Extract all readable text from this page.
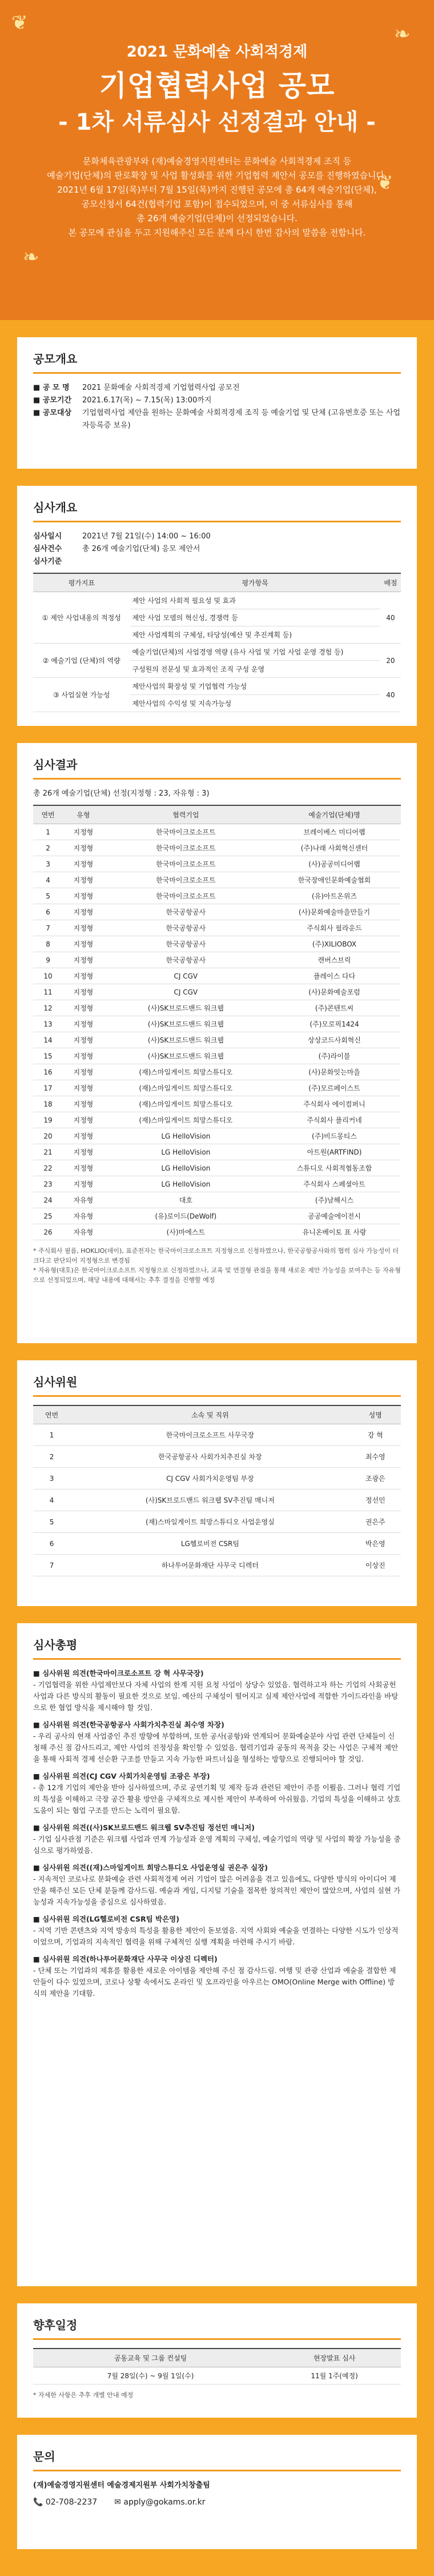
❦	❧
❦
❧
2021 문화예술 사회적경제
기업협력사업 공모
- 1차 서류심사 선정결과 안내 -
문화체육관광부와 (재)예술경영지원센터는 문화예술 사회적경제 조직 등
예술기업(단체)의 판로확장 및 사업 활성화를 위한 기업협력 제안서 공모를 진행하였습니다.
2021년 6월 17일(목)부터 7월 15일(목)까지 진행된 공모에 총 64개 예술기업(단체),
공모신청서 64건(협력기업 포함)이 접수되었으며, 이 중 서류심사를 통해
총 26개 예술기업(단체)이 선정되었습니다.
본 공모에 관심을 두고 지원해주신 모든 분께 다시 한번 감사의 말씀을 전합니다.
공모개요
■ 공 모 명	2021 문화예술 사회적경제 기업협력사업 공모전
■ 공모기간	2021.6.17(목) ~ 7.15(목) 13:00까지
■ 공모대상	기업협력사업 제안을 원하는 문화예술 사회적경제 조직 등 예술기업 및 단체 (고유번호증 또는 사업자등록증 보유)
심사개요
심사일시	2021년 7월 21일(수) 14:00 ~ 16:00
심사건수	총 26개 예술기업(단체) 응모 제안서
심사기준
평가지표	평가항목	배점
① 제안 사업내용의 적정성	제안 사업의 사회적 필요성 및 효과	40
	제안 사업 모델의 혁신성, 경쟁력 등	
	제안 사업계획의 구체성, 타당성(예산 및 추진계획 등)	
② 예술기업 (단체)의 역량	예술기업(단체)의 사업경영 역량 (유사 사업 및 기업 사업 운영 경험 등)	20
	구성원의 전문성 및 효과적인 조직 구성 운영	
③ 사업실현 가능성	제안사업의 확장성 및 기업협력 가능성	40
	제안사업의 수익성 및 지속가능성	
심사결과
총 26개 예술기업(단체) 선정(지정형 : 23, 자유형 : 3)
연번	유형	협력기업	예술기업(단체)명
1	지정형	한국마이크로소프트	브레이베스 미디어랩
2	지정형	한국마이크로소프트	(주)나래 사회혁신센터
3	지정형	한국마이크로소프트	(사)공공미디어랩
4	지정형	한국마이크로소프트	한국장애인문화예술협회
5	지정형	한국마이크로소프트	(유)아트온위즈
6	지정형	한국공항공사	(사)문화예술마을만들기
7	지정형	한국공항공사	주식회사 필라운드
8	지정형	한국공항공사	(주)XILIOBOX
9	지정형	한국공항공사	캔버스브릭
10	지정형	CJ CGV	플레이스 다다
11	지정형	CJ CGV	(사)문화예술포럼
12	지정형	(사)SK브로드밴드 워크웹	(주)콘텐트씨
13	지정형	(사)SK브로드밴드 워크웹	(주)모로픽1424
14	지정형	(사)SK브로드밴드 워크웹	상상코드사회혁신
15	지정형	(사)SK브로드밴드 워크웹	(주)라이블
16	지정형	(재)스마일게이트 희망스튜디오	(사)문화잇는마을
17	지정형	(재)스마일게이트 희망스튜디오	(주)모르페이스트
18	지정형	(재)스마일게이트 희망스튜디오	주식회사 에이컴퍼니
19	지정형	(재)스마일게이트 희망스튜디오	주식회사 플리커네
20	지정형	LG HelloVision	(주)비드몽티스
21	지정형	LG HelloVision	아트원(ARTFIND)
22	지정형	LG HelloVision	스튜디오 사회적협동조합
23	지정형	LG HelloVision	주식회사 스페셜아트
24	자유형	대호	(주)남해시스
25	자유형	(유)로이드(DeWolf)	공공예술에이전시
26	자유형	(사)마에스트	유니온베이토 표 사랑
* 주식회사 필름, HOKLIO(데이), 표준전자는 한국마이크로소프트 지정형으로 신청하였으나, 한국공항공사와의 협력 심사 가능성이 더 크다고 판단되어 지정형으로 변경됨
* 자유형(대호)은 한국마이크로소프트 지정형으로 신청하였으나, 교육 및 연결형 관점을 통해 새로운 제안 가능성을 보여주는 등 자유형으로 선정되었으며, 해당 내용에 대해서는 추후 결정을 진행할 예정
심사위원
연번	소속 및 직위	성명
1	한국마이크로소프트 사무국장	강 혁
2	한국공항공사 사회가치추진실 차장	최수영
3	CJ CGV 사회가치운영팀 부장	조광은
4	(사)SK브로드밴드 워크웹 SV추진팀 매니저	정선민
5	(재)스마일게이트 희망스튜디오 사업운영실	권은주
6	LG헬로비전 CSR팀	박은영
7	하나투어문화재단 사무국 디렉터	이상진
심사총평
■ 심사위원 의견(한국마이크로소프트 강 혁 사무국장)
- 기업협력을 위한 사업제안보다 자체 사업의 한계 지원 요청 사업이 상당수 있었음. 협력하고자 하는 기업의 사회공헌 사업과 다른 방식의 활동이 필요한 것으로 보임. 예산의 구체성이 떨어지고 실제 제안사업에 적합한 가이드라인을 바탕으로 한 협업 방식을 제시해야 할 것임.
■ 심사위원 의견(한국공항공사 사회가치추진실 최수영 차장)
- 우리 공사의 현재 사업중인 추진 방향에 부합하며, 또한 공사(공항)와 연계되어 문화예술분야 사업 관련 단체들이 신청해 주신 점 감사드리고, 제안 사업의 진정성을 확인할 수 있었음. 협력기업과 공동의 목적을 갖는 사업은 구체적 제안을 통해 사회적 경제 선순환 구조를 만들고 지속 가능한 파트너십을 형성하는 방향으로 진행되어야 할 것임.
■ 심사위원 의견(CJ CGV 사회가치운영팀 조광은 부장)
- 총 12개 기업의 제안을 받아 심사하였으며, 주로 공연기획 및 제작 등과 관련된 제안이 주를 이뤘음. 그러나 협력 기업의 특성을 이해하고 극장 공간 활용 방안을 구체적으로 제시한 제안이 부족하여 아쉬웠음. 기업의 특성을 이해하고 상호 도움이 되는 협업 구조를 만드는 노력이 필요함.
■ 심사위원 의견((사)SK브로드밴드 워크웹 SV추진팀 정선민 매니저)
- 기업 심사관점 기준은 워크웹 사업과 연계 가능성과 운영 계획의 구체성, 예술기업의 역량 및 사업의 확장 가능성을 중심으로 평가하였음.
■ 심사위원 의견((재)스마일게이트 희망스튜디오 사업운영실 권은주 실장)
- 지속적인 코로나로 문화예술 관련 사회적경제 여러 기업이 많은 어려움을 겪고 있음에도, 다양한 방식의 아이디어 제안을 해주신 모든 단체 분들께 감사드림. 예술과 게임, 디지털 기술을 접목한 창의적인 제안이 많았으며, 사업의 실현 가능성과 지속가능성을 중심으로 심사하였음.
■ 심사위원 의견(LG헬로비전 CSR팀 박은영)
- 지역 기반 콘텐츠와 지역 방송의 특성을 활용한 제안이 돋보였음. 지역 사회와 예술을 연결하는 다양한 시도가 인상적이었으며, 기업과의 지속적인 협력을 위해 구체적인 실행 계획을 마련해 주시기 바람.
■ 심사위원 의견(하나투어문화재단 사무국 이상진 디렉터)
- 단체 또는 기업과의 제휴를 활용한 새로운 아이템을 제안해 주신 점 감사드림. 여행 및 관광 산업과 예술을 결합한 제안들이 다수 있었으며, 코로나 상황 속에서도 온라인 및 오프라인을 아우르는 OMO(Online Merge with Offline) 방식의 제안을 기대함.
향후일정
공동교육 및 그룹 컨설팅	현장발표 심사
7월 28일(수) ~ 9월 1일(수)	11월 1주(예정)
* 자세한 사항은 추후 개별 안내 예정
문의
(재)예술경영지원센터 예술경제지원부 사회가치창출팀
📞 02-708-2237 ✉ apply@gokams.or.kr
